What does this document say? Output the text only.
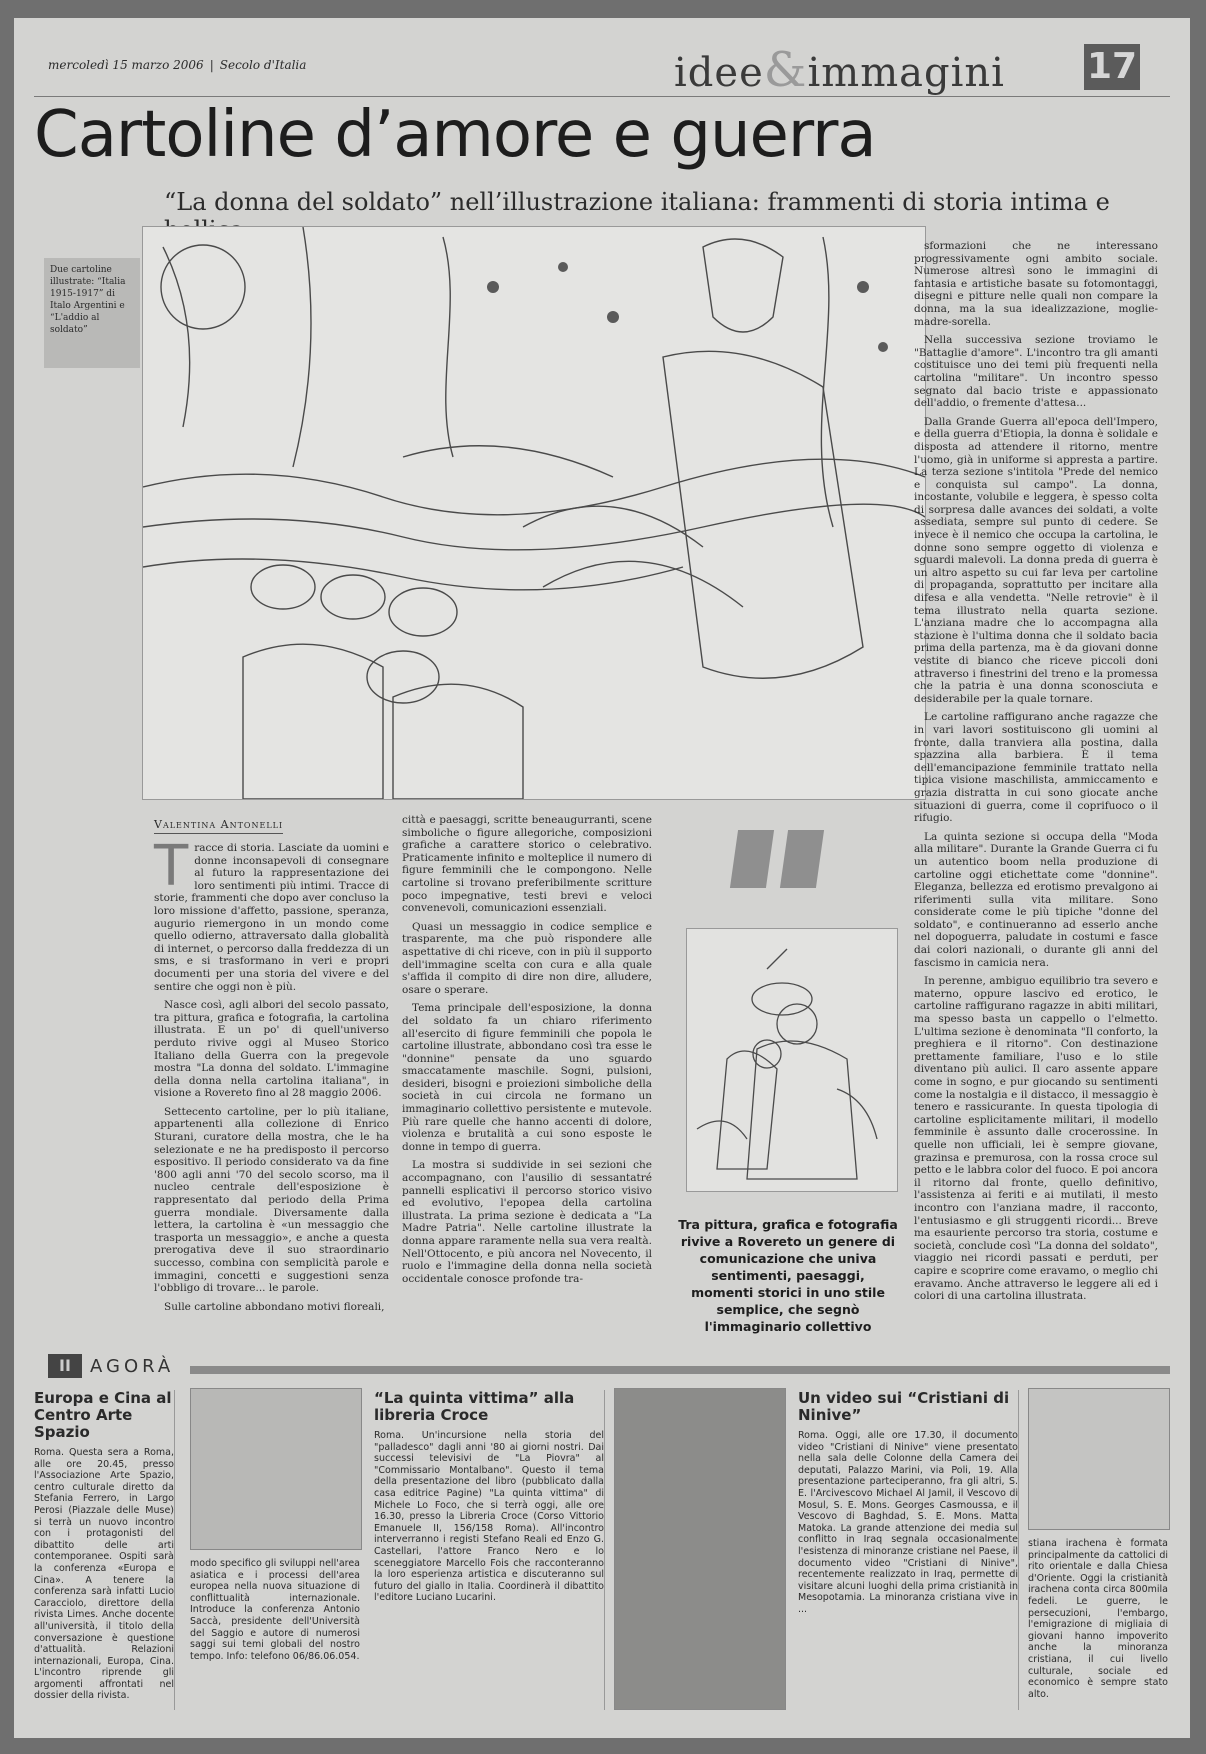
mercoledì 15 marzo 2006 | Secolo d'Italia	idee&immagini 17
Cartoline d’amore e guerra
“La donna del soldato” nell’illustrazione italiana: frammenti di storia intima e
Due cartoline illustrate: “Italia 1915-1917” di Italo Argentini e “L'addio al soldato”

sformazioni che ne interessano progressivamente ogni ambito sociale. Numerose altresì sono le immagini di fantasia e artistiche basate su fotomontaggi, disegni e pitture nelle quali non compare la donna, ma la sua idealizzazione, moglie-madre-sorella.

Nella successiva sezione troviamo le "Battaglie d'amore". L'incontro tra gli amanti costituisce uno dei temi più frequenti nella cartolina "militare". Un incontro spesso segnato dal bacio triste e appassionato dell'addio, o fremente d'attesa...

Dalla Grande Guerra all'epoca dell'Impero, e della guerra d'Etiopia, la donna è solidale e disposta ad attendere il ritorno, mentre l'uomo, già in uniforme si appresta a partire. La terza sezione s'intitola "Prede del nemico e conquista sul campo". La donna, incostante, volubile e leggera, è spesso colta di sorpresa dalle avances dei soldati, a volte assediata, sempre sul punto di cedere. Se invece è il nemico che occupa la cartolina, le donne sono sempre oggetto di violenza e sguardi malevoli. La donna preda di guerra è un altro aspetto su cui far leva per cartoline di propaganda, soprattutto per incitare alla difesa e alla vendetta. "Nelle retrovie" è il tema illustrato nella quarta sezione. L'anziana madre che lo accompagna alla stazione è l'ultima donna che il soldato bacia prima della partenza, ma è da giovani donne vestite di bianco che riceve piccoli doni attraverso i finestrini del treno e la promessa che la patria è una donna sconosciuta e desiderabile per la quale tornare.

Le cartoline raffigurano anche ragazze che in vari lavori sostituiscono gli uomini al fronte, dalla tranviera alla postina, dalla spazzina alla barbiera. È il tema dell'emancipazione femminile trattato nella tipica visione maschilista, ammiccamento e grazia distratta in cui sono giocate anche situazioni di guerra, come il coprifuoco o il rifugio.

La quinta sezione si occupa della "Moda alla militare". Durante la Grande Guerra ci fu un autentico boom nella produzione di cartoline oggi etichettate come "donnine". Eleganza, bellezza ed erotismo prevalgono ai riferimenti sulla vita militare. Sono considerate come le più tipiche "donne del soldato", e continueranno ad esserlo anche nel dopoguerra, paludate in costumi e fasce dai colori nazionali, o durante gli anni del fascismo in camicia nera.

In perenne, ambiguo equilibrio tra severo e materno, oppure lascivo ed erotico, le cartoline raffigurano ragazze in abiti militari, ma spesso basta un cappello o l'elmetto. L'ultima sezione è denominata "Il conforto, la preghiera e il ritorno". Con destinazione prettamente familiare, l'uso e lo stile diventano più aulici. Il caro assente appare come in sogno, e pur giocando su sentimenti come la nostalgia e il distacco, il messaggio è tenero e rassicurante. In questa tipologia di cartoline esplicitamente militari, il modello femminile è assunto dalle crocerossine. In quelle non ufficiali, lei è sempre giovane, grazinsa e premurosa, con la rossa croce sul petto e le labbra color del fuoco. E poi ancora il ritorno dal fronte, quello definitivo, l'assistenza ai feriti e ai mutilati, il mesto incontro con l'anziana madre, il racconto, l'entusiasmo e gli struggenti ricordi... Breve ma esauriente percorso tra storia, costume e società, conclude così "La donna del soldato", viaggio nei ricordi passati e perduti, per capire e scoprire come eravamo, o meglio chi eravamo. Anche attraverso le leggere ali ed i colori di una cartolina illustrata.

Valentina Antonelli
T racce di storia. Lasciate da uomini e donne inconsapevoli di consegnare al futuro la rappresentazione dei loro sentimenti più intimi. Tracce di storie, frammenti che dopo aver concluso la loro missione d'affetto, passione, speranza, augurio riemergono in un mondo come quello odierno, attraversato dalla globalità di internet, o percorso dalla freddezza di un sms, e si trasformano in veri e propri documenti per una storia del vivere e del sentire che oggi non è più.

Nasce così, agli albori del secolo passato, tra pittura, grafica e fotografia, la cartolina illustrata. E un po' di quell'universo perduto rivive oggi al Museo Storico Italiano della Guerra con la pregevole mostra "La donna del soldato. L'immagine della donna nella cartolina italiana", in visione a Rovereto fino al 28 maggio 2006.

Settecento cartoline, per lo più italiane, appartenenti alla collezione di Enrico Sturani, curatore della mostra, che le ha selezionate e ne ha predisposto il percorso espositivo. Il periodo considerato va da fine '800 agli anni '70 del secolo scorso, ma il nucleo centrale dell'esposizione è rappresentato dal periodo della Prima guerra mondiale. Diversamente dalla lettera, la cartolina è «un messaggio che trasporta un messaggio», e anche a questa prerogativa deve il suo straordinario successo, combina con semplicità parole e immagini, concetti e suggestioni senza l'obbligo di trovare... le parole.

Sulle cartoline abbondano motivi floreali,

città e paesaggi, scritte beneaugurranti, scene simboliche o figure allegoriche, composizioni grafiche a carattere storico o celebrativo. Praticamente infinito e molteplice il numero di figure femminili che le compongono. Nelle cartoline si trovano preferibilmente scritture poco impegnative, testi brevi e veloci convenevoli, comunicazioni essenziali.

Quasi un messaggio in codice semplice e trasparente, ma che può rispondere alle aspettative di chi riceve, con in più il supporto dell'immagine scelta con cura e alla quale s'affida il compito di dire non dire, alludere, osare o sperare.

Tema principale dell'esposizione, la donna del soldato fa un chiaro riferimento all'esercito di figure femminili che popola le cartoline illustrate, abbondano così tra esse le "donnine" pensate da uno sguardo smaccatamente maschile. Sogni, pulsioni, desideri, bisogni e proiezioni simboliche della società in cui circola ne formano un immaginario collettivo persistente e mutevole. Più rare quelle che hanno accenti di dolore, violenza e brutalità a cui sono esposte le donne in tempo di guerra.

La mostra si suddivide in sei sezioni che accompagnano, con l'ausilio di sessantatré pannelli esplicativi il percorso storico visivo ed evolutivo, l'epopea della cartolina illustrata. La prima sezione è dedicata a "La Madre Patria". Nelle cartoline illustrate la donna appare raramente nella sua vera realtà. Nell'Ottocento, e più ancora nel Novecento, il ruolo e l'immagine della donna nella società occidentale conosce profonde tra-

Tra pittura, grafica e fotografia rivive a Rovereto un genere di comunicazione che univa sentimenti, paesaggi, momenti storici in uno stile semplice, che segnò l'immaginario collettivo
II	AGORÀ
Europa e Cina al Centro Arte Spazio
Roma. Questa sera a Roma, alle ore 20.45, presso l'Associazione Arte Spazio, centro culturale diretto da Stefania Ferrero, in Largo Perosi (Piazzale delle Muse) si terrà un nuovo incontro con i protagonisti del dibattito delle arti contemporanee. Ospiti sarà la conferenza «Europa e Cina». A tenere la conferenza sarà infatti Lucio Caracciolo, direttore della rivista Limes. Anche docente all'università, il titolo della conversazione è questione d'attualità. Relazioni internazionali, Europa, Cina. L'incontro riprende gli argomenti affrontati nel dossier della rivista.
modo specifico gli sviluppi nell'area asiatica e i processi dell'area europea nella nuova situazione di conflittualità internazionale. Introduce la conferenza Antonio Saccà, presidente dell'Università del Saggio e autore di numerosi saggi sui temi globali del nostro tempo. Info: telefono 06/86.06.054.
“La quinta vittima” alla libreria Croce
Roma. Un'incursione nella storia del "palladesco" dagli anni '80 ai giorni nostri. Dai successi televisivi de "La Piovra" al "Commissario Montalbano". Questo il tema della presentazione del libro (pubblicato dalla casa editrice Pagine) "La quinta vittima" di Michele Lo Foco, che si terrà oggi, alle ore 16.30, presso la Libreria Croce (Corso Vittorio Emanuele II, 156/158 Roma). All'incontro interverranno i registi Stefano Reali ed Enzo G. Castellari, l'attore Franco Nero e lo sceneggiatore Marcello Fois che racconteranno la loro esperienza artistica e discuteranno sul futuro del giallo in Italia. Coordinerà il dibattito l'editore Luciano Lucarini.
Un video sui “Cristiani di Ninive”
Roma. Oggi, alle ore 17.30, il documento video "Cristiani di Ninive" viene presentato nella sala delle Colonne della Camera dei deputati, Palazzo Marini, via Poli, 19. Alla presentazione parteciperanno, fra gli altri, S. E. l'Arcivescovo Michael Al Jamil, il Vescovo di Mosul, S. E. Mons. Georges Casmoussa, e il Vescovo di Baghdad, S. E. Mons. Matta Matoka. La grande attenzione dei media sul conflitto in Iraq segnala occasionalmente l'esistenza di minoranze cristiane nel Paese, il documento video "Cristiani di Ninive", recentemente realizzato in Iraq, permette di visitare alcuni luoghi della prima cristianità in Mesopotamia. La minoranza cristiana vive in ...
stiana irachena è formata principalmente da cattolici di rito orientale e dalla Chiesa d'Oriente. Oggi la cristianità irachena conta circa 800mila fedeli. Le guerre, le persecuzioni, l'embargo, l'emigrazione di migliaia di giovani hanno impoverito anche la minoranza cristiana, il cui livello culturale, sociale ed economico è sempre stato alto.
